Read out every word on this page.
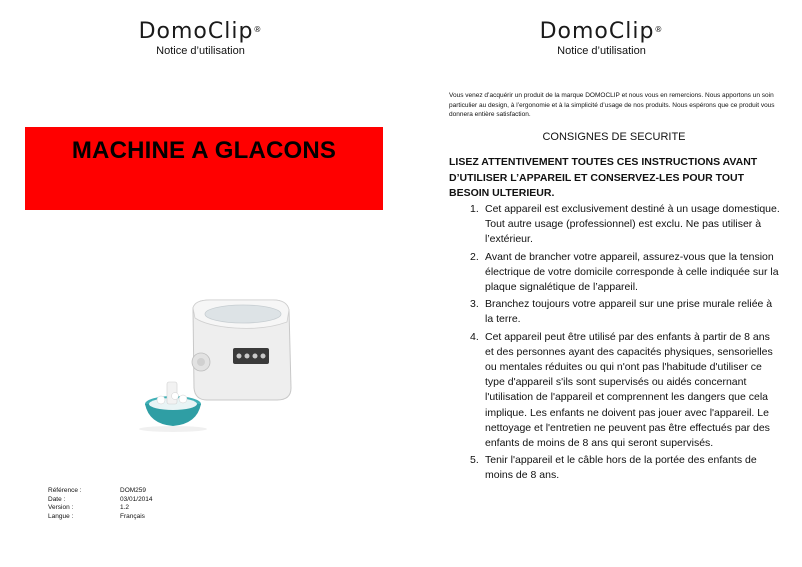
DomoClip®
Notice d’utilisation
MACHINE A GLACONS
Référence :	DOM259
Date :	03/01/2014
Version :	1.2
Langue :	Français
DomoClip®
Notice d’utilisation
Vous venez d’acquérir un produit de la marque DOMOCLIP et nous vous en remercions. Nous apportons un soin particulier au design, à l’ergonomie et à la simplicité d’usage de nos produits. Nous espérons que ce produit vous donnera entière satisfaction.
CONSIGNES DE SECURITE
LISEZ ATTENTIVEMENT TOUTES CES INSTRUCTIONS AVANT D’UTILISER L’APPAREIL ET CONSERVEZ-LES POUR TOUT BESOIN ULTERIEUR.
1. Cet appareil est exclusivement destiné à un usage domestique. Tout autre usage (professionnel) est exclu. Ne pas utiliser à l’extérieur.
2. Avant de brancher votre appareil, assurez-vous que la tension électrique de votre domicile corresponde à celle indiquée sur la plaque signalétique de l’appareil.
3. Branchez toujours votre appareil sur une prise murale reliée à la terre.
4. Cet appareil peut être utilisé par des enfants à partir de 8 ans et des personnes ayant des capacités physiques, sensorielles ou mentales réduites ou qui n'ont pas l'habitude d'utiliser ce type d'appareil s'ils sont supervisés ou aidés concernant l'utilisation de l'appareil et comprennent les dangers que cela implique. Les enfants ne doivent pas jouer avec l'appareil. Le nettoyage et l'entretien ne peuvent pas être effectués par des enfants de moins de 8 ans qui seront supervisés.
5. Tenir l'appareil et le câble hors de la portée des enfants de moins de 8 ans.
